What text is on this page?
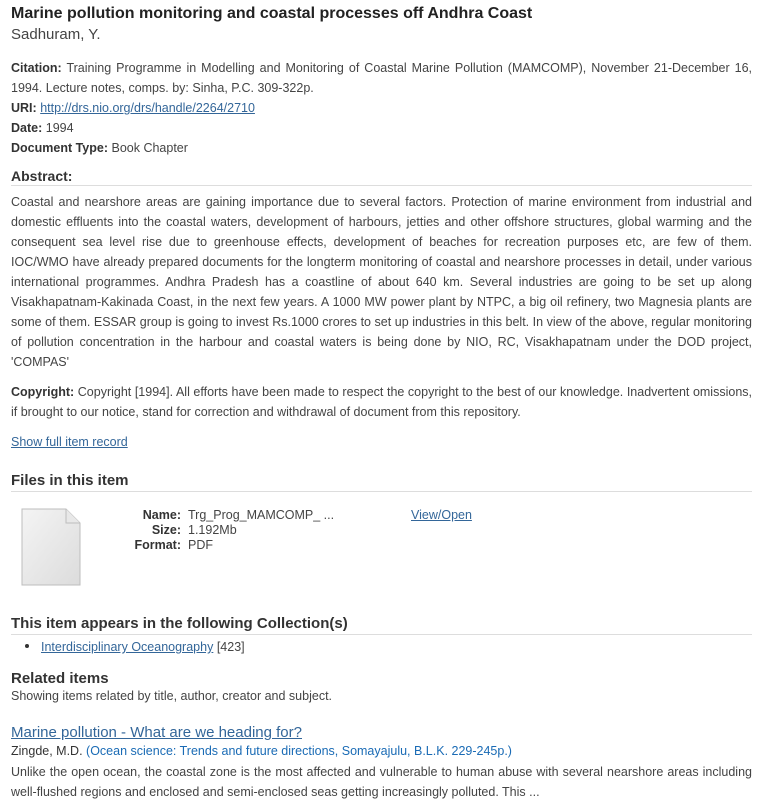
Marine pollution monitoring and coastal processes off Andhra Coast
Sadhuram, Y.
Citation: Training Programme in Modelling and Monitoring of Coastal Marine Pollution (MAMCOMP), November 21-December 16, 1994. Lecture notes, comps. by: Sinha, P.C. 309-322p.
URI: http://drs.nio.org/drs/handle/2264/2710
Date: 1994
Document Type: Book Chapter
Abstract:
Coastal and nearshore areas are gaining importance due to several factors. Protection of marine environment from industrial and domestic effluents into the coastal waters, development of harbours, jetties and other offshore structures, global warming and the consequent sea level rise due to greenhouse effects, development of beaches for recreation purposes etc, are few of them. IOC/WMO have already prepared documents for the longterm monitoring of coastal and nearshore processes in detail, under various international programmes. Andhra Pradesh has a coastline of about 640 km. Several industries are going to be set up along Visakhapatnam-Kakinada Coast, in the next few years. A 1000 MW power plant by NTPC, a big oil refinery, two Magnesia plants are some of them. ESSAR group is going to invest Rs.1000 crores to set up industries in this belt. In view of the above, regular monitoring of pollution concentration in the harbour and coastal waters is being done by NIO, RC, Visakhapatnam under the DOD project, 'COMPAS'
Copyright: Copyright [1994]. All efforts have been made to respect the copyright to the best of our knowledge. Inadvertent omissions, if brought to our notice, stand for correction and withdrawal of document from this repository.
Show full item record
Files in this item
Name: Trg_Prog_MAMCOMP_ ...	View/Open
Size: 1.192Mb
Format: PDF
This item appears in the following Collection(s)
Interdisciplinary Oceanography [423]
Related items
Showing items related by title, author, creator and subject.
Marine pollution - What are we heading for?
Zingde, M.D. (Ocean science: Trends and future directions, Somayajulu, B.L.K. 229-245p.)
Unlike the open ocean, the coastal zone is the most affected and vulnerable to human abuse with several nearshore areas including well-flushed regions and enclosed and semi-enclosed seas getting increasingly polluted. This ...
